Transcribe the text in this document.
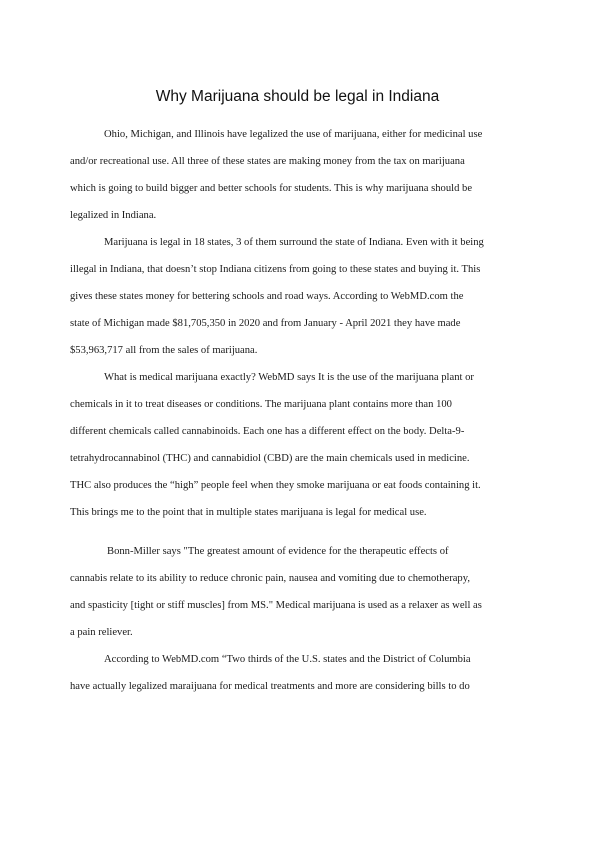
Why Marijuana should be legal in Indiana
Ohio, Michigan, and Illinois have legalized the use of marijuana, either for medicinal use
and/or recreational use. All three of these states are making money from the tax on marijuana
which is going to build bigger and better schools for students. This is why marijuana should be
legalized in Indiana.
Marijuana is legal in 18 states, 3 of them surround the state of Indiana. Even with it being
illegal in Indiana, that doesn’t stop Indiana citizens from going to these states and buying it. This
gives these states money for bettering schools and road ways. According to WebMD.com the
state of Michigan made $81,705,350 in 2020 and from January - April 2021 they have made
$53,963,717 all from the sales of marijuana.
What is medical marijuana exactly? WebMD says It is the use of the marijuana plant or
chemicals in it to treat diseases or conditions. The marijuana plant contains more than 100
different chemicals called cannabinoids. Each one has a different effect on the body. Delta-9-
tetrahydrocannabinol (THC) and cannabidiol (CBD) are the main chemicals used in medicine.
THC also produces the “high” people feel when they smoke marijuana or eat foods containing it.
This brings me to the point that in multiple states marijuana is legal for medical use.
Bonn-Miller says "The greatest amount of evidence for the therapeutic effects of
cannabis relate to its ability to reduce chronic pain, nausea and vomiting due to chemotherapy,
and spasticity [tight or stiff muscles] from MS." Medical marijuana is used as a relaxer as well as
a pain reliever.
According to WebMD.com “Two thirds of the U.S. states and the District of Columbia
have actually legalized maraijuana for medical treatments and more are considering bills to do
